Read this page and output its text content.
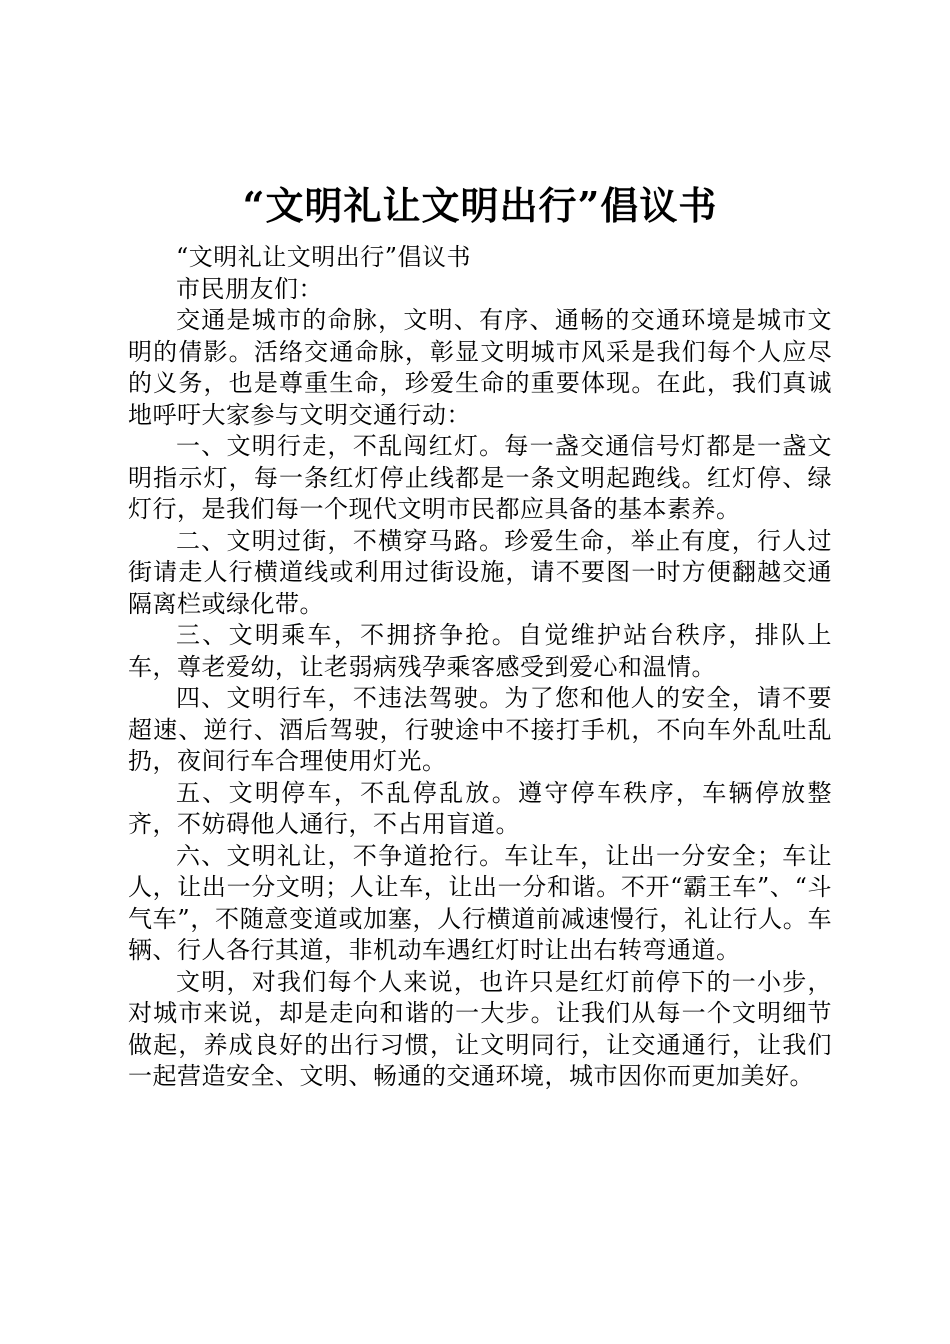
“文明礼让文明出行”倡议书

“文明礼让文明出行”倡议书

市民朋友们：

交通是城市的命脉，文明、有序、通畅的交通环境是城市文明的倩影。活络交通命脉，彰显文明城市风采是我们每个人应尽的义务，也是尊重生命，珍爱生命的重要体现。在此，我们真诚地呼吁大家参与文明交通行动：

一、文明行走，不乱闯红灯。每一盏交通信号灯都是一盏文明指示灯，每一条红灯停止线都是一条文明起跑线。红灯停、绿灯行，是我们每一个现代文明市民都应具备的基本素养。

二、文明过街，不横穿马路。珍爱生命，举止有度，行人过街请走人行横道线或利用过街设施，请不要图一时方便翻越交通隔离栏或绿化带。

三、文明乘车，不拥挤争抢。自觉维护站台秩序，排队上车，尊老爱幼，让老弱病残孕乘客感受到爱心和温情。

四、文明行车，不违法驾驶。为了您和他人的安全，请不要超速、逆行、酒后驾驶，行驶途中不接打手机，不向车外乱吐乱扔，夜间行车合理使用灯光。

五、文明停车，不乱停乱放。遵守停车秩序，车辆停放整齐，不妨碍他人通行，不占用盲道。

六、文明礼让，不争道抢行。车让车，让出一分安全；车让人，让出一分文明；人让车，让出一分和谐。不开“霸王车”、“斗气车”，不随意变道或加塞，人行横道前减速慢行，礼让行人。车辆、行人各行其道，非机动车遇红灯时让出右转弯通道。

文明，对我们每个人来说，也许只是红灯前停下的一小步，对城市来说，却是走向和谐的一大步。让我们从每一个文明细节做起，养成良好的出行习惯，让文明同行，让交通通行，让我们一起营造安全、文明、畅通的交通环境，城市因你而更加美好。
